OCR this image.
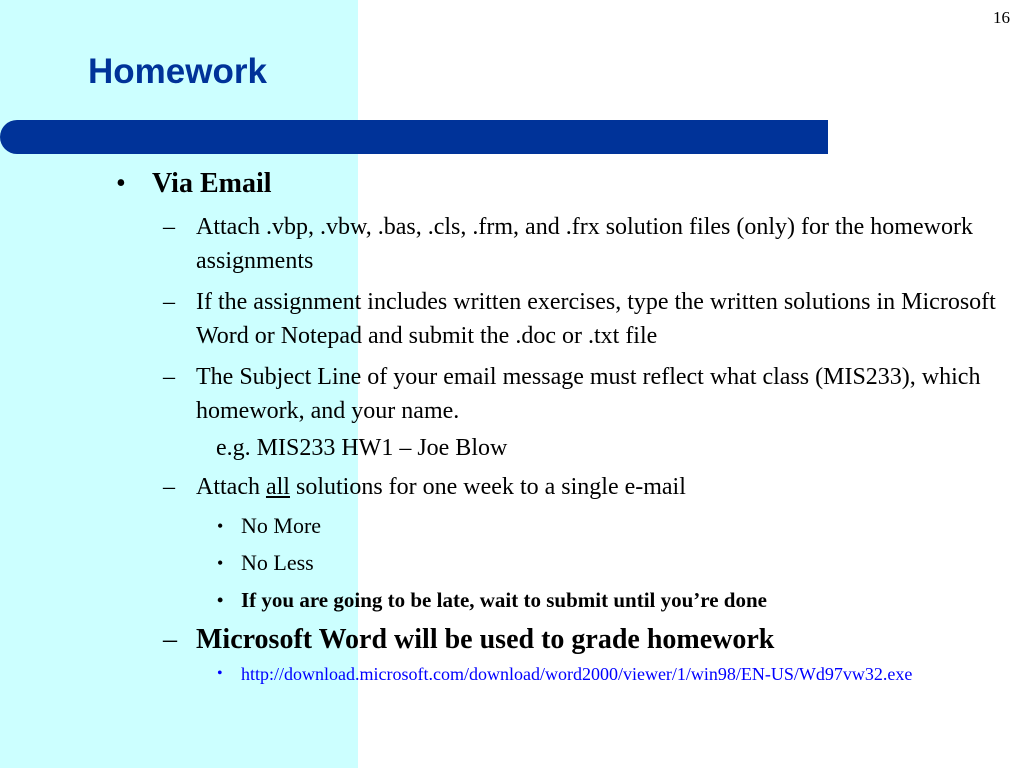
16
Homework
• Via Email
– Attach .vbp, .vbw, .bas, .cls, .frm, and .frx solution files (only) for the homework assignments
– If the assignment includes written exercises, type the written solutions in Microsoft Word or Notepad and submit the .doc or .txt file
– The Subject Line of your email message must reflect what class (MIS233), which homework, and your name.
e.g. MIS233 HW1 – Joe Blow
– Attach all solutions for one week to a single e-mail
• No More
• No Less
• If you are going to be late, wait to submit until you’re done
– Microsoft Word will be used to grade homework
• http://download.microsoft.com/download/word2000/viewer/1/win98/EN-US/Wd97vw32.exe
